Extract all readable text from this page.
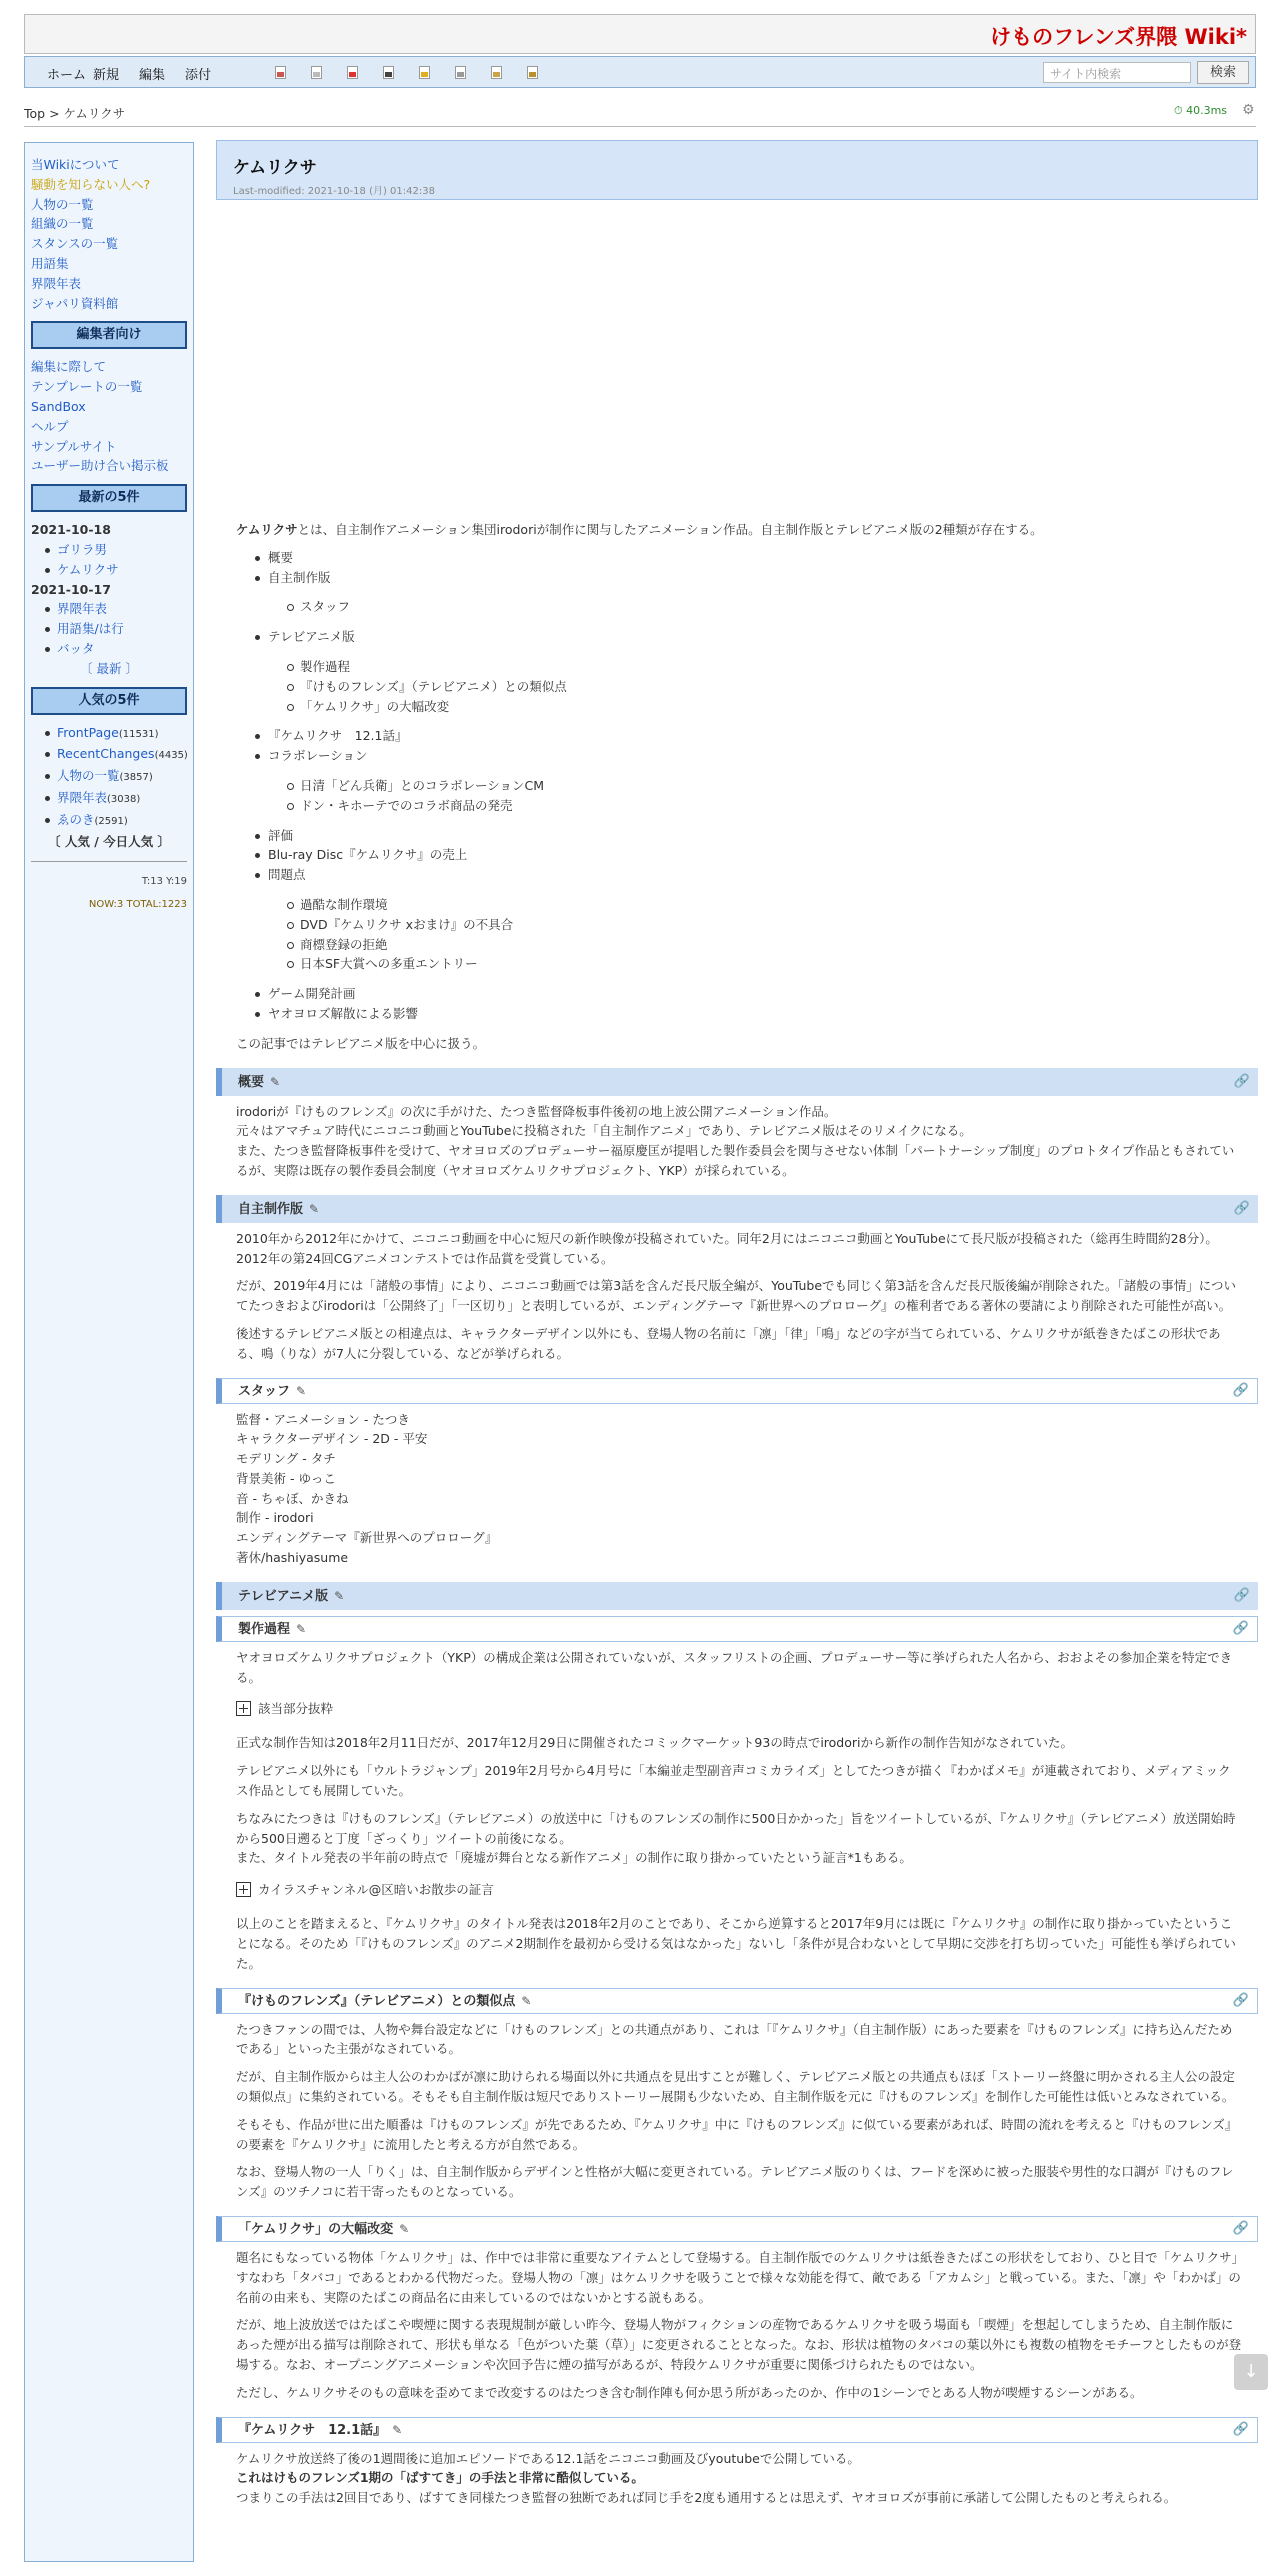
けものフレンズ界隈 Wiki*
ホーム 新規 編集 添付	サイト内検索	検索
Top > ケムリクサ	⏱ 40.3ms ⚙
当Wikiについて
騒動を知らない人へ?
人物の一覧
組織の一覧
スタンスの一覧
用語集
界隈年表
ジャパリ資料館
編集者向け
編集に際して
テンプレートの一覧
SandBox
ヘルプ
サンプルサイト
ユーザー助け合い掲示板
最新の5件
2021-10-18
ゴリラ男
ケムリクサ
2021-10-17
界隈年表
用語集/は行
バッタ
〔 最新 〕
人気の5件
FrontPage(11531)
RecentChanges(4435)
人物の一覧(3857)
界隈年表(3038)
ゑのき(2591)
〔 人気 / 今日人気 〕
T:13 Y:19
NOW:3 TOTAL:1223
ケムリクサ
Last-modified: 2021-10-18 (月) 01:42:38

ケムリクサとは、自主制作アニメーション集団irodoriが制作に関与したアニメーション作品。自主制作版とテレビアニメ版の2種類が存在する。

概要
自主制作版
スタッフ
テレビアニメ版
製作過程
『けものフレンズ』（テレビアニメ）との類似点
「ケムリクサ」の大幅改変
『ケムリクサ　12.1話』
コラボレーション
日清「どん兵衛」とのコラボレーションCM
ドン・キホーテでのコラボ商品の発売
評価
Blu-ray Disc『ケムリクサ』の売上
問題点
過酷な制作環境
DVD『ケムリクサ xおまけ』の不具合
商標登録の拒絶
日本SF大賞への多重エントリー
ゲーム開発計画
ヤオヨロズ解散による影響

この記事ではテレビアニメ版を中心に扱う。

概要 ✎	🔗

irodoriが『けものフレンズ』の次に手がけた、たつき監督降板事件後初の地上波公開アニメーション作品。

元々はアマチュア時代にニコニコ動画とYouTubeに投稿された「自主制作アニメ」であり、テレビアニメ版はそのリメイクになる。

また、たつき監督降板事件を受けて、ヤオヨロズのプロデューサー福原慶匡が提唱した製作委員会を関与させない体制「パートナーシップ制度」のプロトタイプ作品ともされているが、実際は既存の製作委員会制度（ヤオヨロズケムリクサプロジェクト、YKP）が採られている。

自主制作版 ✎	🔗

2010年から2012年にかけて、ニコニコ動画を中心に短尺の新作映像が投稿されていた。同年2月にはニコニコ動画とYouTubeにて長尺版が投稿された（総再生時間約28分）。2012年の第24回CGアニメコンテストでは作品賞を受賞している。

だが、2019年4月には「諸般の事情」により、ニコニコ動画では第3話を含んだ長尺版全編が、YouTubeでも同じく第3話を含んだ長尺版後編が削除された。「諸般の事情」についてたつきおよびirodoriは「公開終了」「一区切り」と表明しているが、エンディングテーマ『新世界へのプロローグ』の権利者である著休の要請により削除された可能性が高い。

後述するテレビアニメ版との相違点は、キャラクターデザイン以外にも、登場人物の名前に「凛」「律」「鳴」などの字が当てられている、ケムリクサが紙巻きたばこの形状である、鳴（りな）が7人に分裂している、などが挙げられる。

スタッフ ✎	🔗

監督・アニメーション - たつき

キャラクターデザイン - 2D - 平安

モデリング - タチ

背景美術 - ゆっこ

音 - ちゃぼ、かきね

制作 - irodori

エンディングテーマ『新世界へのプロローグ』

著休/hashiyasume

テレビアニメ版 ✎	🔗
製作過程 ✎	🔗

ヤオヨロズケムリクサプロジェクト（YKP）の構成企業は公開されていないが、スタッフリストの企画、プロデューサー等に挙げられた人名から、おおよその参加企業を特定できる。

該当部分抜粋

正式な制作告知は2018年2月11日だが、2017年12月29日に開催されたコミックマーケット93の時点でirodoriから新作の制作告知がなされていた。

テレビアニメ以外にも「ウルトラジャンプ」2019年2月号から4月号に「本編並走型副音声コミカライズ」としてたつきが描く『わかばメモ』が連載されており、メディアミックス作品としても展開していた。

ちなみにたつきは『けものフレンズ』（テレビアニメ）の放送中に「けものフレンズの制作に500日かかった」旨をツイートしているが、『ケムリクサ』（テレビアニメ）放送開始時から500日遡ると丁度「ざっくり」ツイートの前後になる。

また、タイトル発表の半年前の時点で「廃墟が舞台となる新作アニメ」の制作に取り掛かっていたという証言*1もある。

カイラスチャンネル@区暗いお散歩の証言

以上のことを踏まえると、『ケムリクサ』のタイトル発表は2018年2月のことであり、そこから逆算すると2017年9月には既に『ケムリクサ』の制作に取り掛かっていたということになる。そのため「『けものフレンズ』のアニメ2期制作を最初から受ける気はなかった」ないし「条件が見合わないとして早期に交渉を打ち切っていた」可能性も挙げられていた。

『けものフレンズ』（テレビアニメ）との類似点 ✎	🔗

たつきファンの間では、人物や舞台設定などに「けものフレンズ」との共通点があり、これは「『ケムリクサ』（自主制作版）にあった要素を『けものフレンズ』に持ち込んだためである」といった主張がなされている。

だが、自主制作版からは主人公のわかばが凛に助けられる場面以外に共通点を見出すことが難しく、テレビアニメ版との共通点もほぼ「ストーリー終盤に明かされる主人公の設定の類似点」に集約されている。そもそも自主制作版は短尺でありストーリー展開も少ないため、自主制作版を元に『けものフレンズ』を制作した可能性は低いとみなされている。

そもそも、作品が世に出た順番は『けものフレンズ』が先であるため、『ケムリクサ』中に『けものフレンズ』に似ている要素があれば、時間の流れを考えると『けものフレンズ』の要素を『ケムリクサ』に流用したと考える方が自然である。

なお、登場人物の一人「りく」は、自主制作版からデザインと性格が大幅に変更されている。テレビアニメ版のりくは、フードを深めに被った服装や男性的な口調が『けものフレンズ』のツチノコに若干寄ったものとなっている。

「ケムリクサ」の大幅改変 ✎	🔗

題名にもなっている物体「ケムリクサ」は、作中では非常に重要なアイテムとして登場する。自主制作版でのケムリクサは紙巻きたばこの形状をしており、ひと目で「ケムリクサ」すなわち「タバコ」であるとわかる代物だった。登場人物の「凛」はケムリクサを吸うことで様々な効能を得て、敵である「アカムシ」と戦っている。また、「凛」や「わかば」の名前の由来も、実際のたばこの商品名に由来しているのではないかとする説もある。

だが、地上波放送ではたばこや喫煙に関する表現規制が厳しい昨今、登場人物がフィクションの産物であるケムリクサを吸う場面も「喫煙」を想起してしまうため、自主制作版にあった煙が出る描写は削除されて、形状も単なる「色がついた葉（草）」に変更されることとなった。なお、形状は植物のタバコの葉以外にも複数の植物をモチーフとしたものが登場する。なお、オープニングアニメーションや次回予告に煙の描写があるが、特段ケムリクサが重要に関係づけられたものではない。

ただし、ケムリクサそのもの意味を歪めてまで改変するのはたつき含む制作陣も何か思う所があったのか、作中の1シーンでとある人物が喫煙するシーンがある。

『ケムリクサ　12.1話』 ✎	🔗

ケムリクサ放送終了後の1週間後に追加エピソードである12.1話をニコニコ動画及びyoutubeで公開している。

これはけものフレンズ1期の「ばすてき」の手法と非常に酷似している。

つまりこの手法は2回目であり、ばすてき同様たつき監督の独断であれば同じ手を2度も通用するとは思えず、ヤオヨロズが事前に承諾して公開したものと考えられる。

↓
